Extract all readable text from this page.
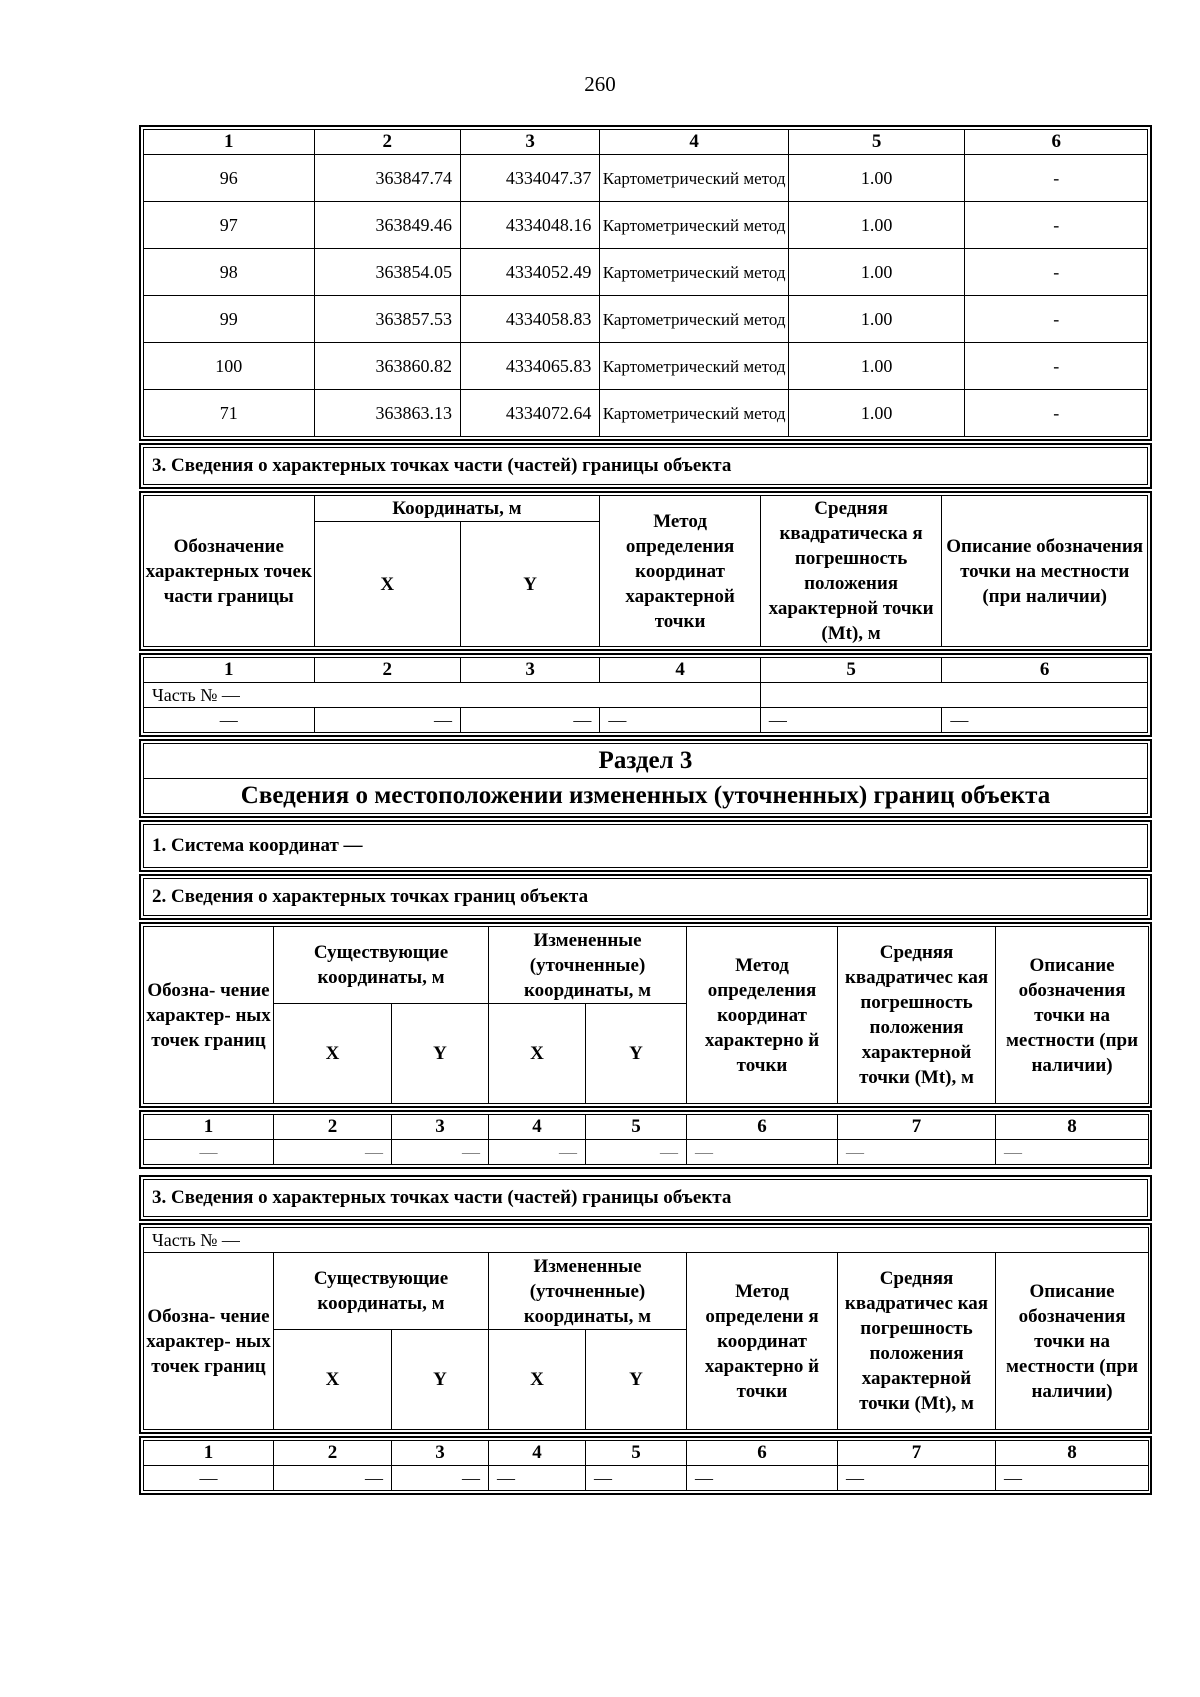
260
1	2	3	4	5	6
96	363847.74	4334047.37	Картометрический метод	1.00	-
97	363849.46	4334048.16	Картометрический метод	1.00	-
98	363854.05	4334052.49	Картометрический метод	1.00	-
99	363857.53	4334058.83	Картометрический метод	1.00	-
100	363860.82	4334065.83	Картометрический метод	1.00	-
71	363863.13	4334072.64	Картометрический метод	1.00	-
3. Сведения о характерных точках части (частей) границы объекта
Обозначение характерных точек части границы	Координаты, м		Метод определения координат характерной точки	Средняя квадратическа я погрешность положения характерной точки (Mt), м	Описание обозначения точки на местности (при наличии)
	X	Y			
1	2	3	4	5	6
Часть № —					
—	—	—	—	—	—
Раздел 3
Сведения о местоположении измененных (уточненных) границ объекта
1. Система координат —
2. Сведения о характерных точках границ объекта
Обозна- чение характер- ных точек границ	Существующие координаты, м		Измененные (уточненные) координаты, м		Метод определения координат характерно й точки	Средняя квадратичес кая погрешность положения характерной точки (Mt), м	Описание обозначения точки на местности (при наличии)
	X	Y	X	Y			
1	2	3	4	5	6	7	8
—	—	—	—	—	—	—	—
3. Сведения о характерных точках части (частей) границы объекта
Часть № —							
Обозна- чение характер- ных точек границ	Существующие координаты, м		Измененные (уточненные) координаты, м		Метод определени я координат характерно й точки	Средняя квадратичес кая погрешность положения характерной точки (Mt), м	Описание обозначения точки на местности (при наличии)
	X	Y	X	Y			
1	2	3	4	5	6	7	8
—	—	—	—	—	—	—	—
